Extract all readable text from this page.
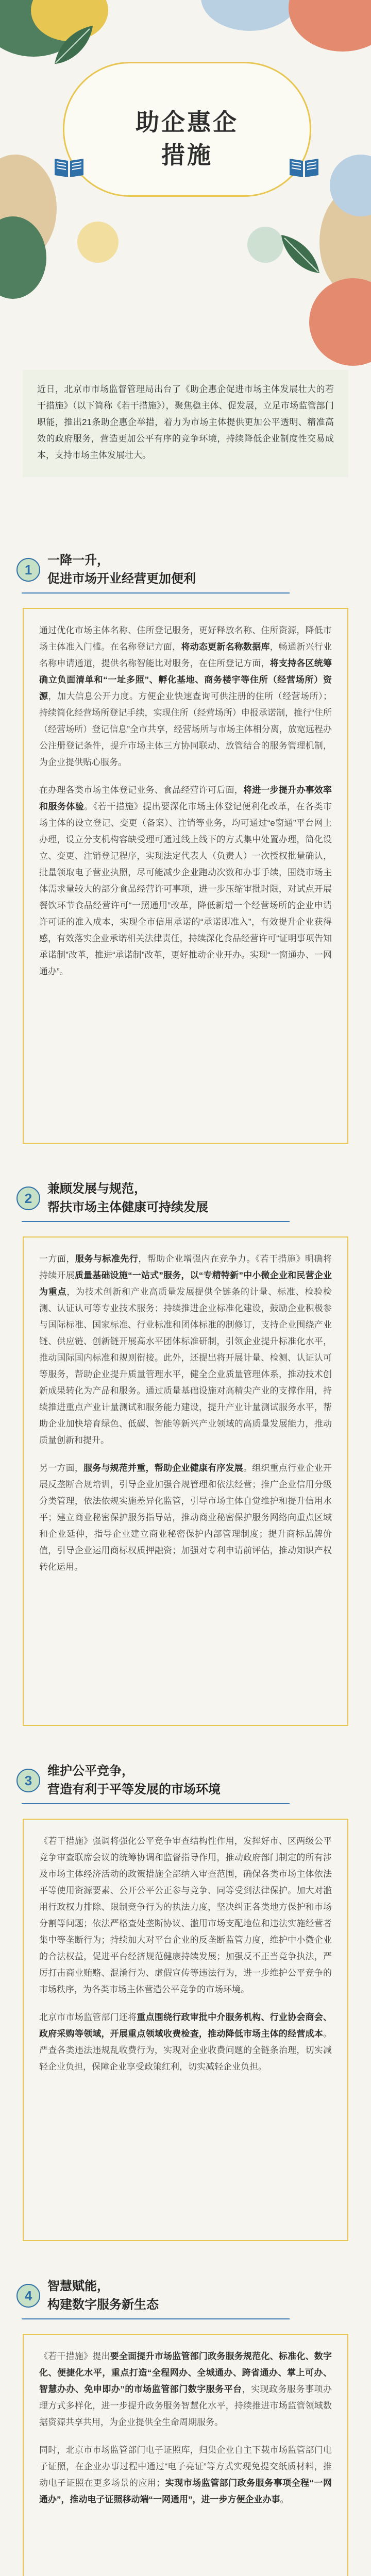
助企惠企
措施
近日，北京市市场监督管理局出台了《助企惠企促进市场主体发展壮大的若干措施》（以下简称《若干措施》），聚焦稳主体、促发展，立足市场监管部门职能，推出21条助企惠企举措，着力为市场主体提供更加公平透明、精准高效的政府服务，营造更加公平有序的竞争环境，持续降低企业制度性交易成本，支持市场主体发展壮大。
1
一降一升，
促进市场开业经营更加便利

通过优化市场主体名称、住所登记服务，更好释放名称、住所资源，降低市场主体准入门槛。在名称登记方面，将动态更新名称数据库，畅通新兴行业名称申请通道，提供名称智能比对服务，在住所登记方面，将支持各区统筹确立负面清单和“一址多照”、孵化基地、商务楼宇等住所（经营场所）资源，加大信息公开力度。方便企业快速查询可供注册的住所（经营场所）；持续简化经营场所登记手续，实现住所（经营场所）申报承诺制，推行“住所（经营场所）登记信息”全市共享，经营场所与市场主体相分离，放宽远程办公注册登记条件，提升市场主体三方协同联动、放管结合的服务管理机制，为企业提供贴心服务。

在办理各类市场主体登记业务、食品经营许可后面，将进一步提升办事效率和服务体验。《若干措施》提出要深化市场主体登记便利化改革，在各类市场主体的设立登记、变更（备案）、注销等业务，均可通过“e窗通”平台网上办理，设立分支机构容缺受理可通过线上线下的方式集中处置办理，简化设立、变更、注销登记程序，实现法定代表人（负责人）一次授权批量确认，批量领取电子营业执照，尽可能减少企业跑动次数和办事手续，围绕市场主体需求量较大的部分食品经营许可事项，进一步压缩审批时限，对试点开展餐饮环节食品经营许可“一照通用”改革，降低新增一个经营场所的企业申请许可证的准入成本，实现全市信用承诺的“承诺即准入”，有效提升企业获得感，有效落实企业承诺相关法律责任，持续深化食品经营许可“证明事项告知承诺制”改革，推进“承诺制”改革，更好推动企业开办。实现“一窗通办、一网通办”。

2
兼顾发展与规范，
帮扶市场主体健康可持续发展

一方面，服务与标准先行，帮助企业增强内在竞争力。《若干措施》明确将持续开展质量基础设施“一站式”服务，以“专精特新”中小微企业和民营企业为重点，为技术创新和产业高质量发展提供全链条的计量、标准、检验检测、认证认可等专业技术服务；持续推进企业标准化建设，鼓励企业积极参与国际标准、国家标准、行业标准和团体标准的制修订，支持企业围绕产业链、供应链、创新链开展高水平团体标准研制，引领企业提升标准化水平，推动国际国内标准和规则衔接。此外，还提出将开展计量、检测、认证认可等服务，帮助企业提升质量管理水平，健全企业质量管理体系，推动技术创新成果转化为产品和服务。通过质量基础设施对高精尖产业的支撑作用，持续推进重点产业计量测试和服务能力建设，提升产业计量测试服务水平，帮助企业加快培育绿色、低碳、智能等新兴产业领域的高质量发展能力，推动质量创新和提升。

另一方面，服务与规范并重，帮助企业健康有序发展。组织重点行业企业开展反垄断合规培训，引导企业加强合规管理和依法经营；推广企业信用分级分类管理，依法依规实施差异化监管，引导市场主体自觉维护和提升信用水平；建立商业秘密保护服务指导站，推动商业秘密保护服务网络向重点区域和企业延伸，指导企业建立商业秘密保护内部管理制度；提升商标品牌价值，引导企业运用商标权质押融资；加强对专利申请前评估，推动知识产权转化运用。

3
维护公平竞争，
营造有利于平等发展的市场环境

《若干措施》强调将强化公平竞争审查结构性作用，发挥好市、区两级公平竞争审查联席会议的统筹协调和监督指导作用，推动政府部门制定的所有涉及市场主体经济活动的政策措施全部纳入审查范围，确保各类市场主体依法平等使用资源要素、公开公平公正参与竞争、同等受到法律保护。加大对滥用行政权力排除、限制竞争行为的执法力度，坚决纠正各类地方保护和市场分割等问题；依法严格查处垄断协议、滥用市场支配地位和违法实施经营者集中等垄断行为；持续加大对平台企业的反垄断监管力度，维护中小微企业的合法权益，促进平台经济规范健康持续发展；加强反不正当竞争执法，严厉打击商业贿赂、混淆行为、虚假宣传等违法行为，进一步维护公平竞争的市场秩序，为各类市场主体营造公平竞争的市场环境。

北京市市场监管部门还将重点围绕行政审批中介服务机构、行业协会商会、政府采购等领域，开展重点领域收费检查，推动降低市场主体的经营成本。严查各类违法违规乱收费行为，实现对企业收费问题的全链条治理，切实减轻企业负担，保障企业享受政策红利，切实减轻企业负担。

4
智慧赋能，
构建数字服务新生态

《若干措施》提出要全面提升市场监管部门政务服务规范化、标准化、数字化、便捷化水平，重点打造“全程网办、全城通办、跨省通办、掌上可办、智慧办办、免申即办”的市场监管部门数字服务平台，实现政务服务事项办理方式多样化，进一步提升政务服务智慧化水平，持续推进市场监管领域数据资源共享共用，为企业提供全生命周期服务。

同时，北京市市场监管部门电子证照库，归集企业自主下载市场监管部门电子证照，在企业办事过程中通过“电子亮证”等方式实现免提交纸质材料，推动电子证照在更多场景的应用；实现市场监管部门政务服务事项全程“一网通办”，推动电子证照移动端“一网通用”，进一步方便企业办事。
